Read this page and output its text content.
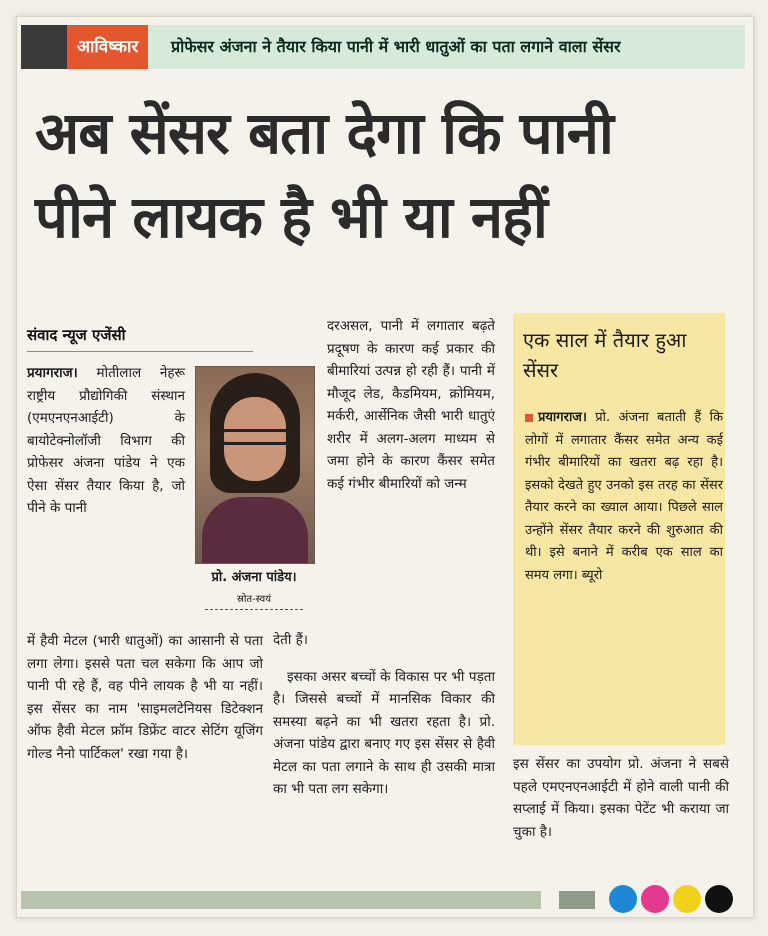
आविष्कार	प्रोफेसर अंजना ने तैयार किया पानी में भारी धातुओं का पता लगाने वाला सेंसर
अब सेंसर बता देगा कि पानी
पीने लायक है भी या नहीं
संवाद न्यूज एजेंसी

प्रयागराज। मोतीलाल नेहरू राष्ट्रीय प्रौद्योगिकी संस्थान (एमएनएनआईटी) के बायोटेक्नोलॉजी विभाग की प्रोफेसर अंजना पांडेय ने एक ऐसा सेंसर तैयार किया है, जो पीने के पानी

प्रो. अंजना पांडेय।
स्रोत-स्वयं

में हैवी मेटल (भारी धातुओं) का आसानी से पता लगा लेगा। इससे पता चल सकेगा कि आप जो पानी पी रहे हैं, वह पीने लायक है भी या नहीं। इस सेंसर का नाम 'साइमलटेनियस डिटेक्शन ऑफ हैवी मेटल फ्रॉम डिफ्रेंट वाटर सेटिंग यूजिंग गोल्ड नैनो पार्टिकल' रखा गया है।

दरअसल, पानी में लगातार बढ़ते प्रदूषण के कारण कई प्रकार की बीमारियां उत्पन्न हो रही हैं। पानी में मौजूद लेड, कैडमियम, क्रोमियम, मर्करी, आर्सेनिक जैसी भारी धातुएं शरीर में अलग-अलग माध्यम से जमा होने के कारण कैंसर समेत कई गंभीर बीमारियों को जन्म

देती हैं।

इसका असर बच्चों के विकास पर भी पड़ता है। जिससे बच्चों में मानसिक विकार की समस्या बढ़ने का भी खतरा रहता है। प्रो. अंजना पांडेय द्वारा बनाए गए इस सेंसर से हैवी मेटल का पता लगाने के साथ ही उसकी मात्रा का भी पता लग सकेगा।

एक साल में तैयार हुआ सेंसर
प्रयागराज। प्रो. अंजना बताती हैं कि लोगों में लगातार कैंसर समेत अन्य कई गंभीर बीमारियों का खतरा बढ़ रहा है। इसको देखते हुए उनको इस तरह का सेंसर तैयार करने का ख्याल आया। पिछले साल उन्होंने सेंसर तैयार करने की शुरुआत की थी। इसे बनाने में करीब एक साल का समय लगा। ब्यूरो

इस सेंसर का उपयोग प्रो. अंजना ने सबसे पहले एमएनएनआईटी में होने वाली पानी की सप्लाई में किया। इसका पेटेंट भी कराया जा चुका है।
